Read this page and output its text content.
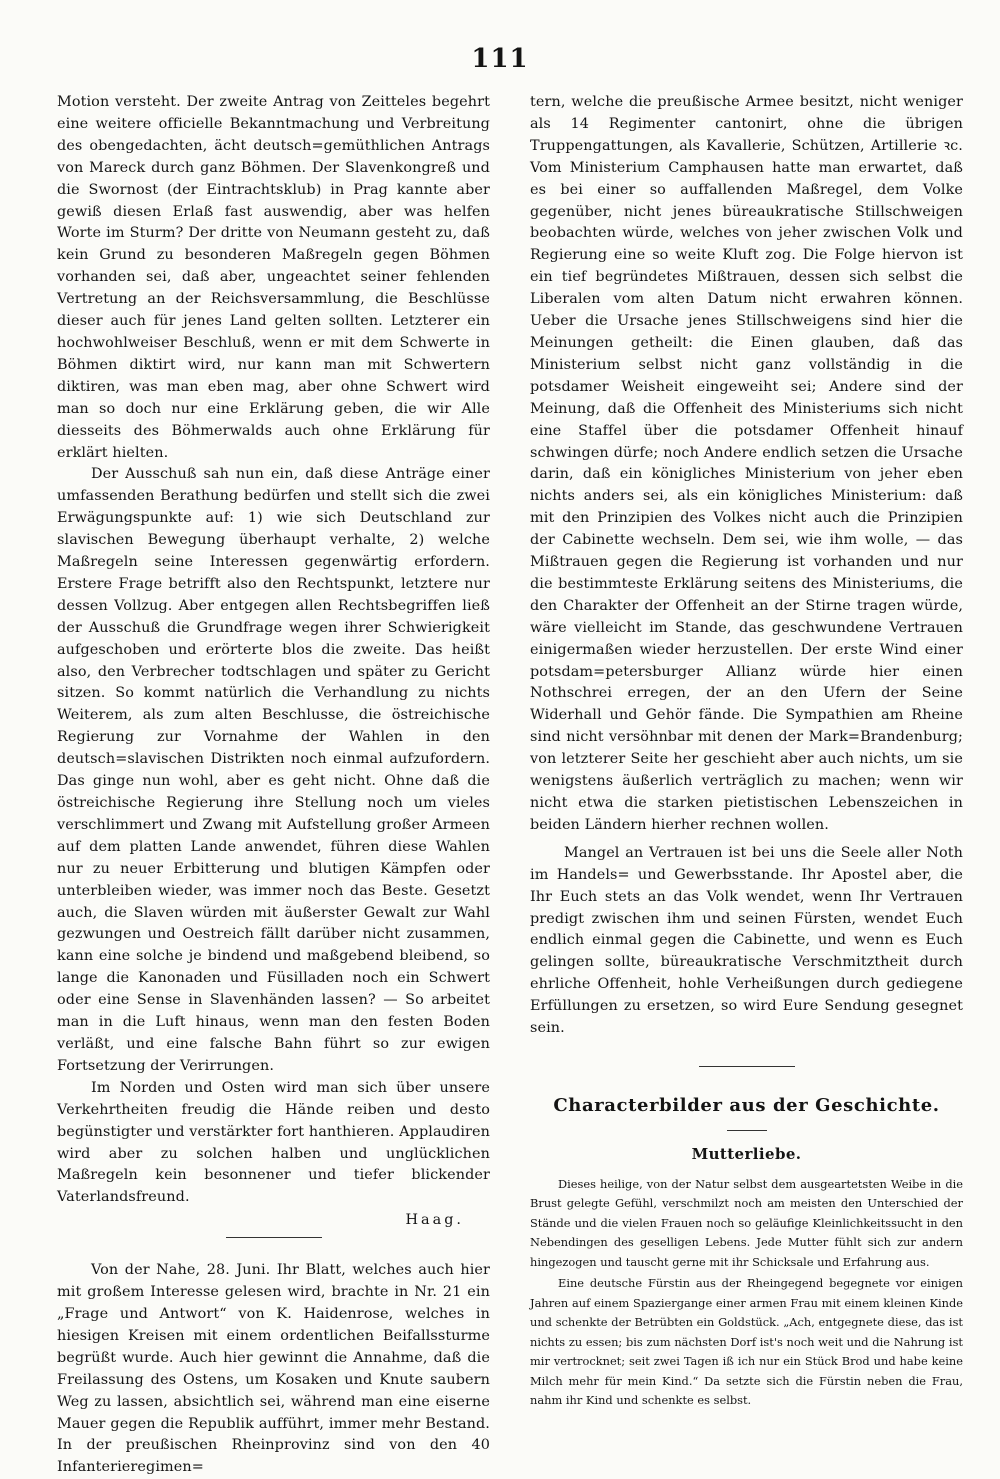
111

Motion versteht. Der zweite Antrag von Zeitteles begehrt eine weitere officielle Bekanntmachung und Verbreitung des obengedachten, ächt deutsch=gemüthlichen Antrags von Mareck durch ganz Böhmen. Der Slavenkongreß und die Swornost (der Eintrachtsklub) in Prag kannte aber gewiß diesen Erlaß fast auswendig, aber was helfen Worte im Sturm? Der dritte von Neumann gesteht zu, daß kein Grund zu besonderen Maßregeln gegen Böhmen vorhanden sei, daß aber, ungeachtet seiner fehlenden Vertretung an der Reichsversammlung, die Beschlüsse dieser auch für jenes Land gelten sollten. Letzterer ein hochwohlweiser Beschluß, wenn er mit dem Schwerte in Böhmen diktirt wird, nur kann man mit Schwertern diktiren, was man eben mag, aber ohne Schwert wird man so doch nur eine Erklärung geben, die wir Alle diesseits des Böhmerwalds auch ohne Erklärung für erklärt hielten.

Der Ausschuß sah nun ein, daß diese Anträge einer umfassenden Berathung bedürfen und stellt sich die zwei Erwägungspunkte auf: 1) wie sich Deutschland zur slavischen Bewegung überhaupt verhalte, 2) welche Maßregeln seine Interessen gegenwärtig erfordern. Erstere Frage betrifft also den Rechtspunkt, letztere nur dessen Vollzug. Aber entgegen allen Rechtsbegriffen ließ der Ausschuß die Grundfrage wegen ihrer Schwierigkeit aufgeschoben und erörterte blos die zweite. Das heißt also, den Verbrecher todtschlagen und später zu Gericht sitzen. So kommt natürlich die Verhandlung zu nichts Weiterem, als zum alten Beschlusse, die östreichische Regierung zur Vornahme der Wahlen in den deutsch=slavischen Distrikten noch einmal aufzufordern. Das ginge nun wohl, aber es geht nicht. Ohne daß die östreichische Regierung ihre Stellung noch um vieles verschlimmert und Zwang mit Aufstellung großer Armeen auf dem platten Lande anwendet, führen diese Wahlen nur zu neuer Erbitterung und blutigen Kämpfen oder unterbleiben wieder, was immer noch das Beste. Gesetzt auch, die Slaven würden mit äußerster Gewalt zur Wahl gezwungen und Oestreich fällt darüber nicht zusammen, kann eine solche je bindend und maßgebend bleibend, so lange die Kanonaden und Füsilladen noch ein Schwert oder eine Sense in Slavenhänden lassen? — So arbeitet man in die Luft hinaus, wenn man den festen Boden verläßt, und eine falsche Bahn führt so zur ewigen Fortsetzung der Verirrungen.

Im Norden und Osten wird man sich über unsere Verkehrtheiten freudig die Hände reiben und desto begünstigter und verstärkter fort hanthieren. Applaudiren wird aber zu solchen halben und unglücklichen Maßregeln kein besonnener und tiefer blickender Vaterlandsfreund.

Haag.

Von der Nahe, 28. Juni. Ihr Blatt, welches auch hier mit großem Interesse gelesen wird, brachte in Nr. 21 ein „Frage und Antwort“ von K. Haidenrose, welches in hiesigen Kreisen mit einem ordentlichen Beifallssturme begrüßt wurde. Auch hier gewinnt die Annahme, daß die Freilassung des Ostens, um Kosaken und Knute saubern Weg zu lassen, absichtlich sei, während man eine eiserne Mauer gegen die Republik aufführt, immer mehr Bestand. In der preußischen Rheinprovinz sind von den 40 Infanterieregimen=

tern, welche die preußische Armee besitzt, nicht weniger als 14 Regimenter cantonirt, ohne die übrigen Truppengattungen, als Kavallerie, Schützen, Artillerie ꝛc. Vom Ministerium Camphausen hatte man erwartet, daß es bei einer so auffallenden Maßregel, dem Volke gegenüber, nicht jenes büreaukratische Stillschweigen beobachten würde, welches von jeher zwischen Volk und Regierung eine so weite Kluft zog. Die Folge hiervon ist ein tief begründetes Mißtrauen, dessen sich selbst die Liberalen vom alten Datum nicht erwahren können. Ueber die Ursache jenes Stillschweigens sind hier die Meinungen getheilt: die Einen glauben, daß das Ministerium selbst nicht ganz vollständig in die potsdamer Weisheit eingeweiht sei; Andere sind der Meinung, daß die Offenheit des Ministeriums sich nicht eine Staffel über die potsdamer Offenheit hinauf schwingen dürfe; noch Andere endlich setzen die Ursache darin, daß ein königliches Ministerium von jeher eben nichts anders sei, als ein königliches Ministerium: daß mit den Prinzipien des Volkes nicht auch die Prinzipien der Cabinette wechseln. Dem sei, wie ihm wolle, — das Mißtrauen gegen die Regierung ist vorhanden und nur die bestimmteste Erklärung seitens des Ministeriums, die den Charakter der Offenheit an der Stirne tragen würde, wäre vielleicht im Stande, das geschwundene Vertrauen einigermaßen wieder herzustellen. Der erste Wind einer potsdam=petersburger Allianz würde hier einen Nothschrei erregen, der an den Ufern der Seine Widerhall und Gehör fände. Die Sympathien am Rheine sind nicht versöhnbar mit denen der Mark=Brandenburg; von letzterer Seite her geschieht aber auch nichts, um sie wenigstens äußerlich verträglich zu machen; wenn wir nicht etwa die starken pietistischen Lebenszeichen in beiden Ländern hierher rechnen wollen.

Mangel an Vertrauen ist bei uns die Seele aller Noth im Handels= und Gewerbsstande. Ihr Apostel aber, die Ihr Euch stets an das Volk wendet, wenn Ihr Vertrauen predigt zwischen ihm und seinen Fürsten, wendet Euch endlich einmal gegen die Cabinette, und wenn es Euch gelingen sollte, büreaukratische Verschmitztheit durch ehrliche Offenheit, hohle Verheißungen durch gediegene Erfüllungen zu ersetzen, so wird Eure Sendung gesegnet sein.

Characterbilder aus der Geschichte.
Mutterliebe.

Dieses heilige, von der Natur selbst dem ausgeartetsten Weibe in die Brust gelegte Gefühl, verschmilzt noch am meisten den Unterschied der Stände und die vielen Frauen noch so geläufige Kleinlichkeitssucht in den Nebendingen des geselligen Lebens. Jede Mutter fühlt sich zur andern hingezogen und tauscht gerne mit ihr Schicksale und Erfahrung aus.

Eine deutsche Fürstin aus der Rheingegend begegnete vor einigen Jahren auf einem Spaziergange einer armen Frau mit einem kleinen Kinde und schenkte der Betrübten ein Goldstück. „Ach, entgegnete diese, das ist nichts zu essen; bis zum nächsten Dorf ist's noch weit und die Nahrung ist mir vertrocknet; seit zwei Tagen iß ich nur ein Stück Brod und habe keine Milch mehr für mein Kind.“ Da setzte sich die Fürstin neben die Frau, nahm ihr Kind und schenkte es selbst.
